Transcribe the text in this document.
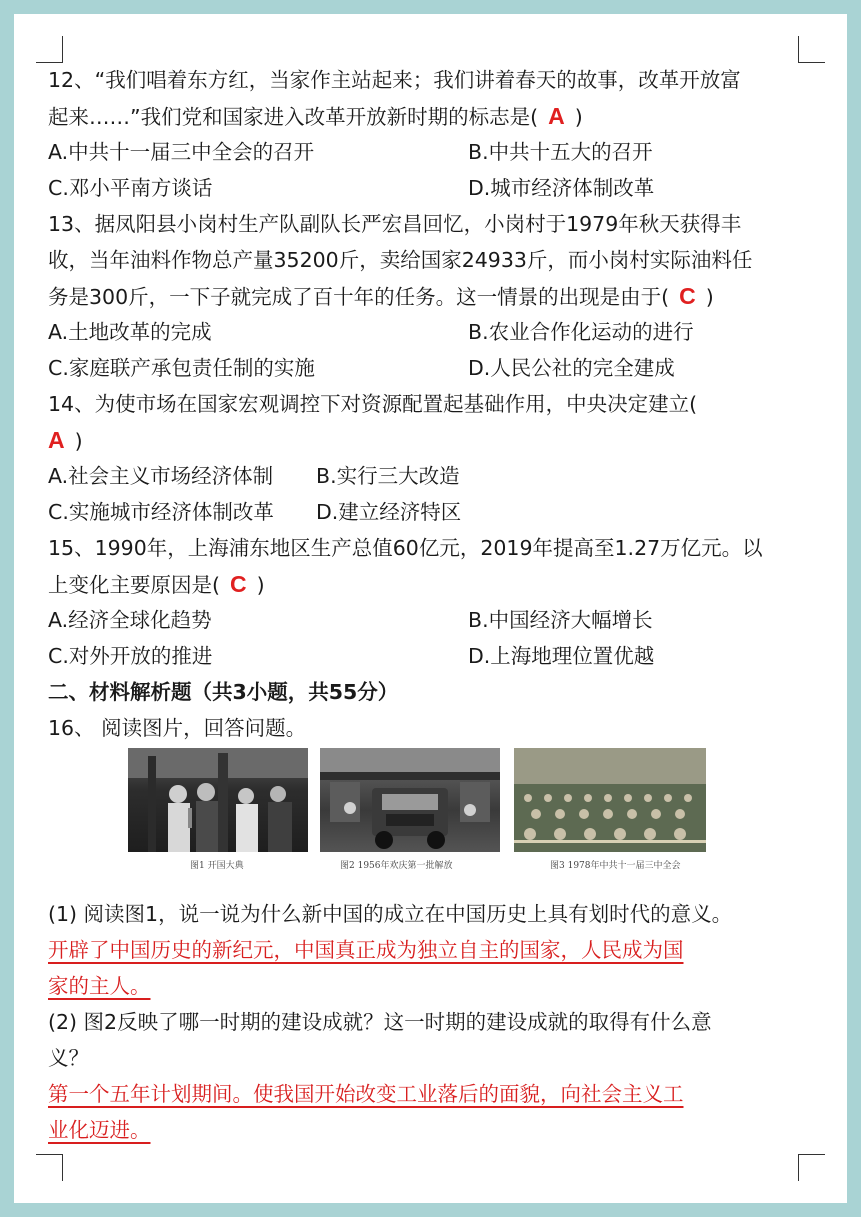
12、“我们唱着东方红，当家作主站起来；我们讲着春天的故事，改革开放富
起来……”我们党和国家进入改革开放新时期的标志是( A )
A.中共十一届三中全会的召开	B.中共十五大的召开
C.邓小平南方谈话	D.城市经济体制改革
13、据凤阳县小岗村生产队副队长严宏昌回忆，小岗村于1979年秋天获得丰
收，当年油料作物总产量35200斤，卖给国家24933斤，而小岗村实际油料任
务是300斤，一下子就完成了百十年的任务。这一情景的出现是由于( C )
A.土地改革的完成	B.农业合作化运动的进行
C.家庭联产承包责任制的实施	D.人民公社的完全建成
14、为使市场在国家宏观调控下对资源配置起基础作用，中央决定建立(
A )
A.社会主义市场经济体制	B.实行三大改造
C.实施城市经济体制改革	D.建立经济特区
15、1990年，上海浦东地区生产总值60亿元，2019年提高至1.27万亿元。以
上变化主要原因是( C )
A.经济全球化趋势	B.中国经济大幅增长
C.对外开放的推进	D.上海地理位置优越
二、材料解析题（共3小题，共55分）
16、 阅读图片，回答问题。
(1) 阅读图1，说一说为什么新中国的成立在中国历史上具有划时代的意义。
开辟了中国历史的新纪元，中国真正成为独立自主的国家，人民成为国
家的主人。
(2) 图2反映了哪一时期的建设成就？这一时期的建设成就的取得有什么意
义？
第一个五年计划期间。使我国开始改变工业落后的面貌，向社会主义工
业化迈进。
图1 开国大典	图2 1956年欢庆第一批解放	图3 1978年中共十一届三中全会
